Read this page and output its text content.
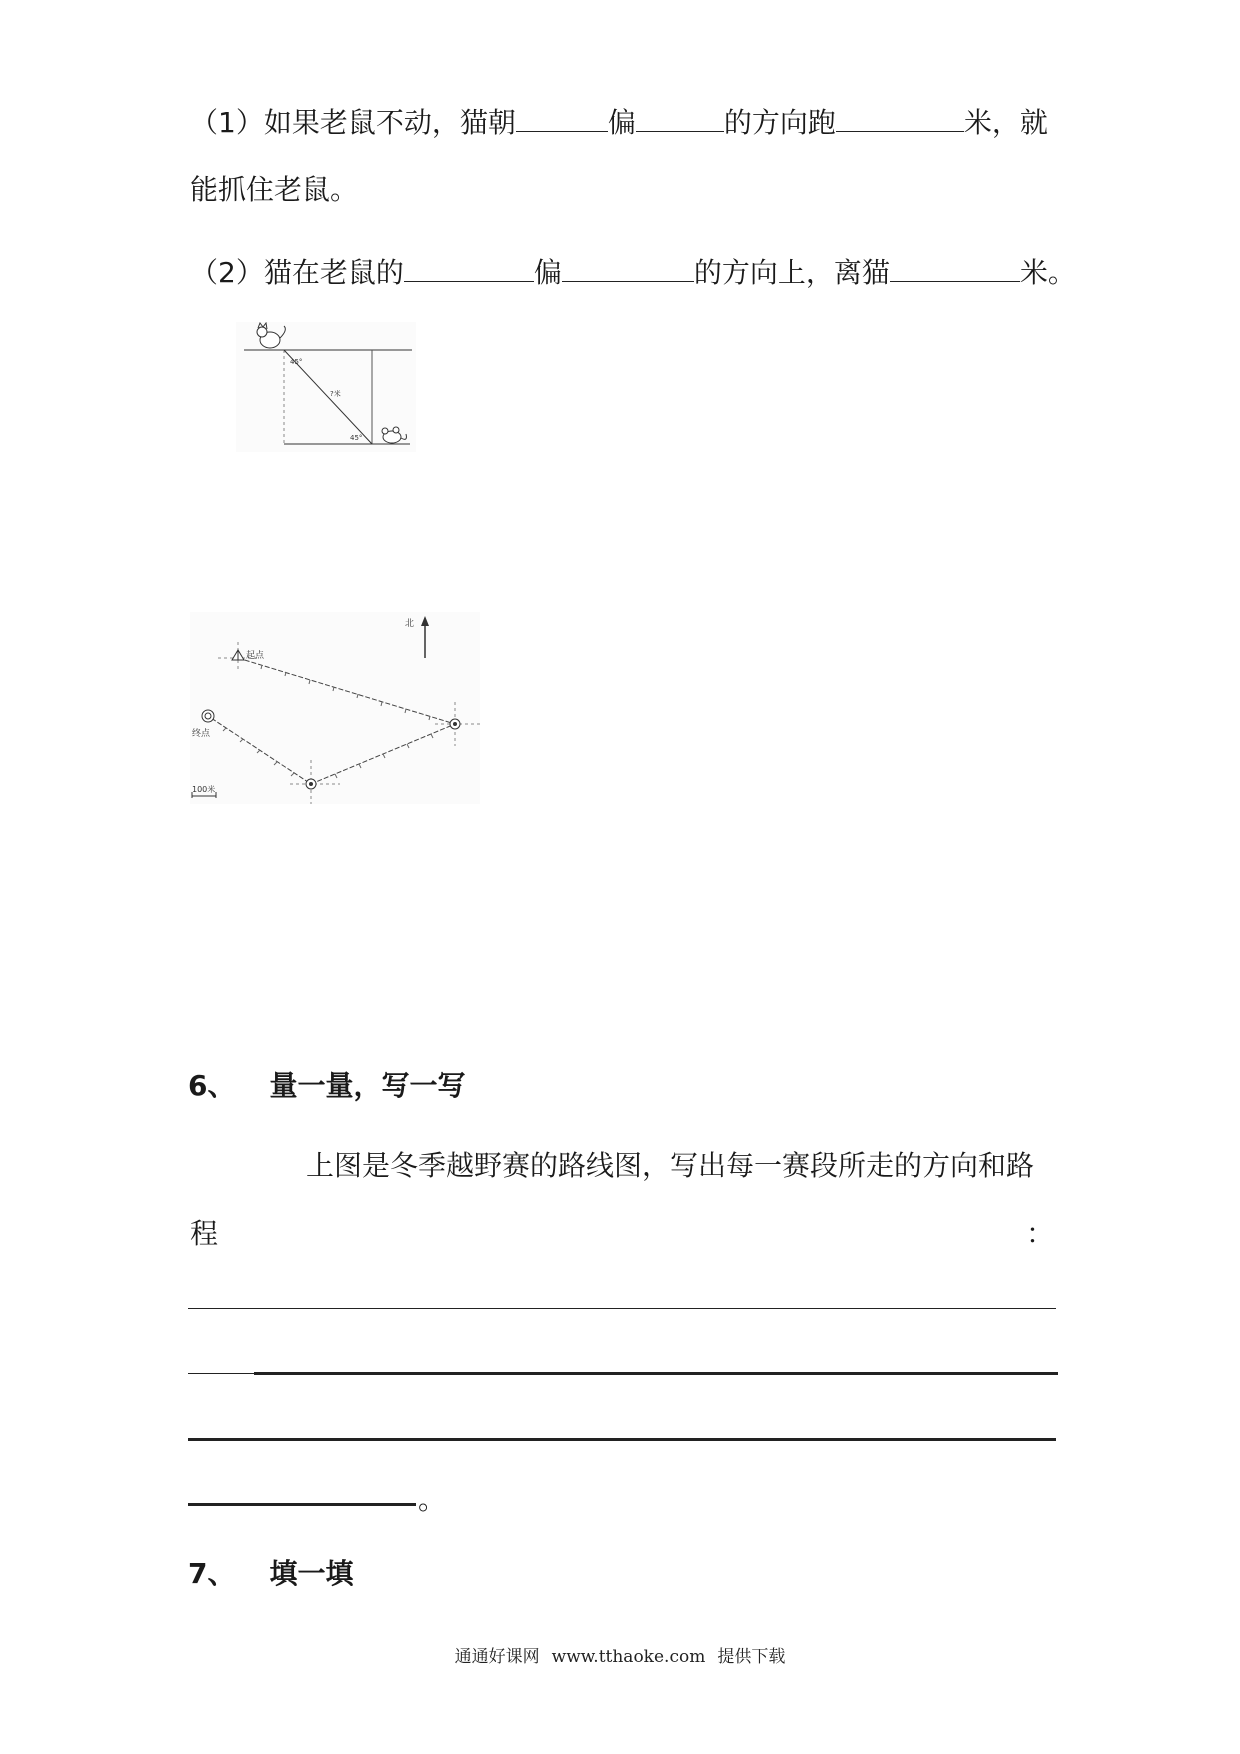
（1）如果老鼠不动，猫朝	偏	的方向跑	米，就
能抓住老鼠。
（2）猫在老鼠的	偏	的方向上，离猫	米。
45°
45°
?米
北
起点
终点
100米
6、 量一量，写一写
上图是冬季越野赛的路线图，写出每一赛段所走的方向和路
程	：
。
7、 填一填
通通好课网 www.tthaoke.com 提供下载
